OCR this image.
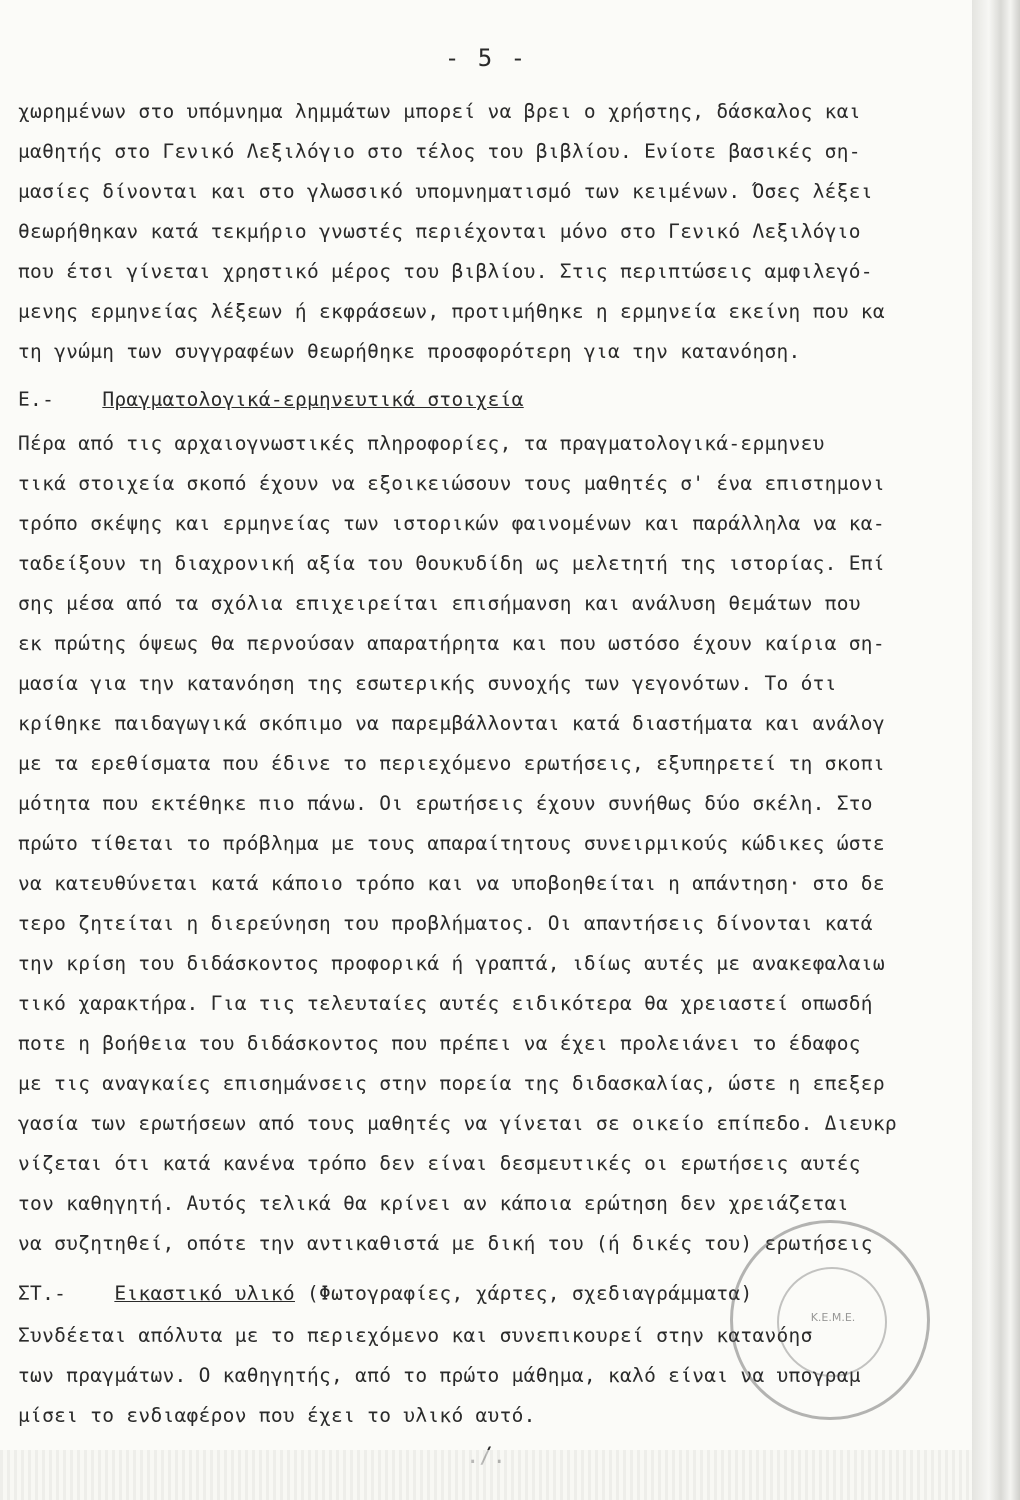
- 5 -
χωρημένων στο υπόμνημα λημμάτων μπορεί να βρει ο χρήστης, δάσκαλος και
μαθητής στο Γενικό Λεξιλόγιο στο τέλος του βιβλίου. Ενίοτε βασικές ση-
μασίες δίνονται και στο γλωσσικό υπομνηματισμό των κειμένων. Όσες λέξει
θεωρήθηκαν κατά τεκμήριο γνωστές περιέχονται μόνο στο Γενικό Λεξιλόγιο
που έτσι γίνεται χρηστικό μέρος του βιβλίου. Στις περιπτώσεις αμφιλεγό-
μενης ερμηνείας λέξεων ή εκφράσεων, προτιμήθηκε η ερμηνεία εκείνη που κα
τη γνώμη των συγγραφέων θεωρήθηκε προσφορότερη για την κατανόηση.
Ε.- Πραγματολογικά-ερμηνευτικά στοιχεία
Πέρα από τις αρχαιογνωστικές πληροφορίες, τα πραγματολογικά-ερμηνευ
τικά στοιχεία σκοπό έχουν να εξοικειώσουν τους μαθητές σ' ένα επιστημονι
τρόπο σκέψης και ερμηνείας των ιστορικών φαινομένων και παράλληλα να κα-
ταδείξουν τη διαχρονική αξία του Θουκυδίδη ως μελετητή της ιστορίας. Επί
σης μέσα από τα σχόλια επιχειρείται επισήμανση και ανάλυση θεμάτων που
εκ πρώτης όψεως θα περνούσαν απαρατήρητα και που ωστόσο έχουν καίρια ση-
μασία για την κατανόηση της εσωτερικής συνοχής των γεγονότων. Το ότι
κρίθηκε παιδαγωγικά σκόπιμο να παρεμβάλλονται κατά διαστήματα και ανάλογ
με τα ερεθίσματα που έδινε το περιεχόμενο ερωτήσεις, εξυπηρετεί τη σκοπι
μότητα που εκτέθηκε πιο πάνω. Οι ερωτήσεις έχουν συνήθως δύο σκέλη. Στο
πρώτο τίθεται το πρόβλημα με τους απαραίτητους συνειρμικούς κώδικες ώστε
να κατευθύνεται κατά κάποιο τρόπο και να υποβοηθείται η απάντηση· στο δε
τερο ζητείται η διερεύνηση του προβλήματος. Οι απαντήσεις δίνονται κατά
την κρίση του διδάσκοντος προφορικά ή γραπτά, ιδίως αυτές με ανακεφαλαιω
τικό χαρακτήρα. Για τις τελευταίες αυτές ειδικότερα θα χρειαστεί οπωσδή
ποτε η βοήθεια του διδάσκοντος που πρέπει να έχει προλειάνει το έδαφος
με τις αναγκαίες επισημάνσεις στην πορεία της διδασκαλίας, ώστε η επεξερ
γασία των ερωτήσεων από τους μαθητές να γίνεται σε οικείο επίπεδο. Διευκρ
νίζεται ότι κατά κανένα τρόπο δεν είναι δεσμευτικές οι ερωτήσεις αυτές
τον καθηγητή. Αυτός τελικά θα κρίνει αν κάποια ερώτηση δεν χρειάζεται
να συζητηθεί, οπότε την αντικαθιστά με δική του (ή δικές του) ερωτήσεις
ΣΤ.- Εικαστικό υλικό (Φωτογραφίες, χάρτες, σχεδιαγράμματα)
Συνδέεται απόλυτα με το περιεχόμενο και συνεπικουρεί στην κατανόησ
των πραγμάτων. Ο καθηγητής, από το πρώτο μάθημα, καλό είναι να υπογραμ
μίσει το ενδιαφέρον που έχει το υλικό αυτό.
Κ.Ε.Μ.Ε.
